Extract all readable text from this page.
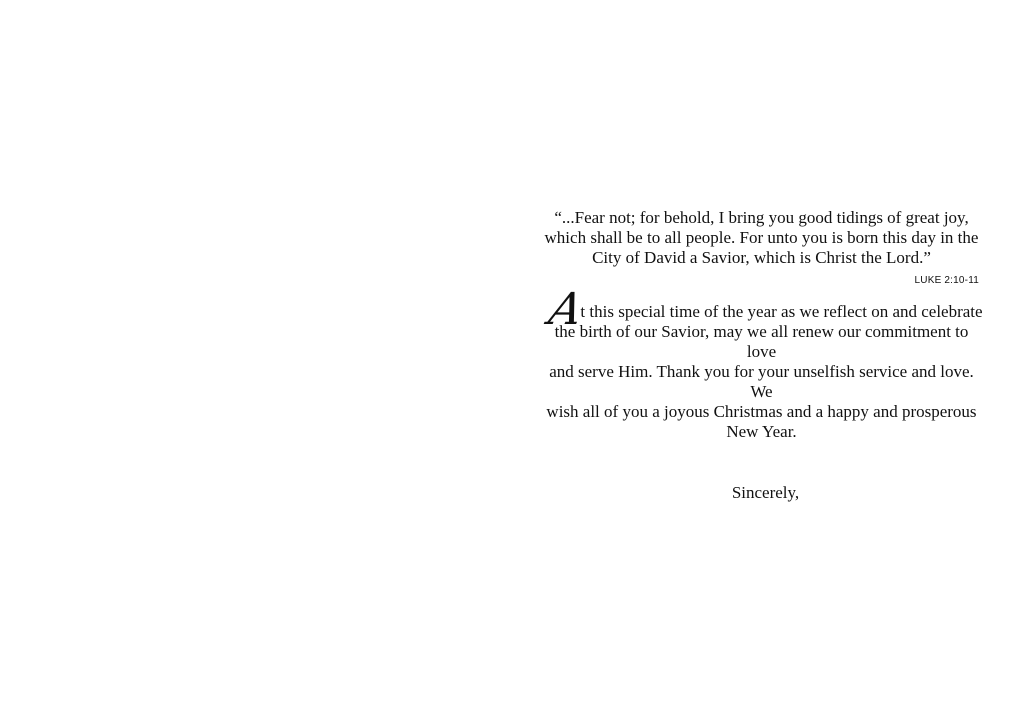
“...Fear not; for behold, I bring you good tidings of great joy,
which shall be to all people. For unto you is born this day in the
City of David a Savior, which is Christ the Lord.”

LUKE 2:10-11
A
t this special time of the year as we reflect on and celebrate
the birth of our Savior, may we all renew our commitment to love
and serve Him. Thank you for your unselfish service and love. We
wish all of you a joyous Christmas and a happy and prosperous
New Year.
Sincerely,
